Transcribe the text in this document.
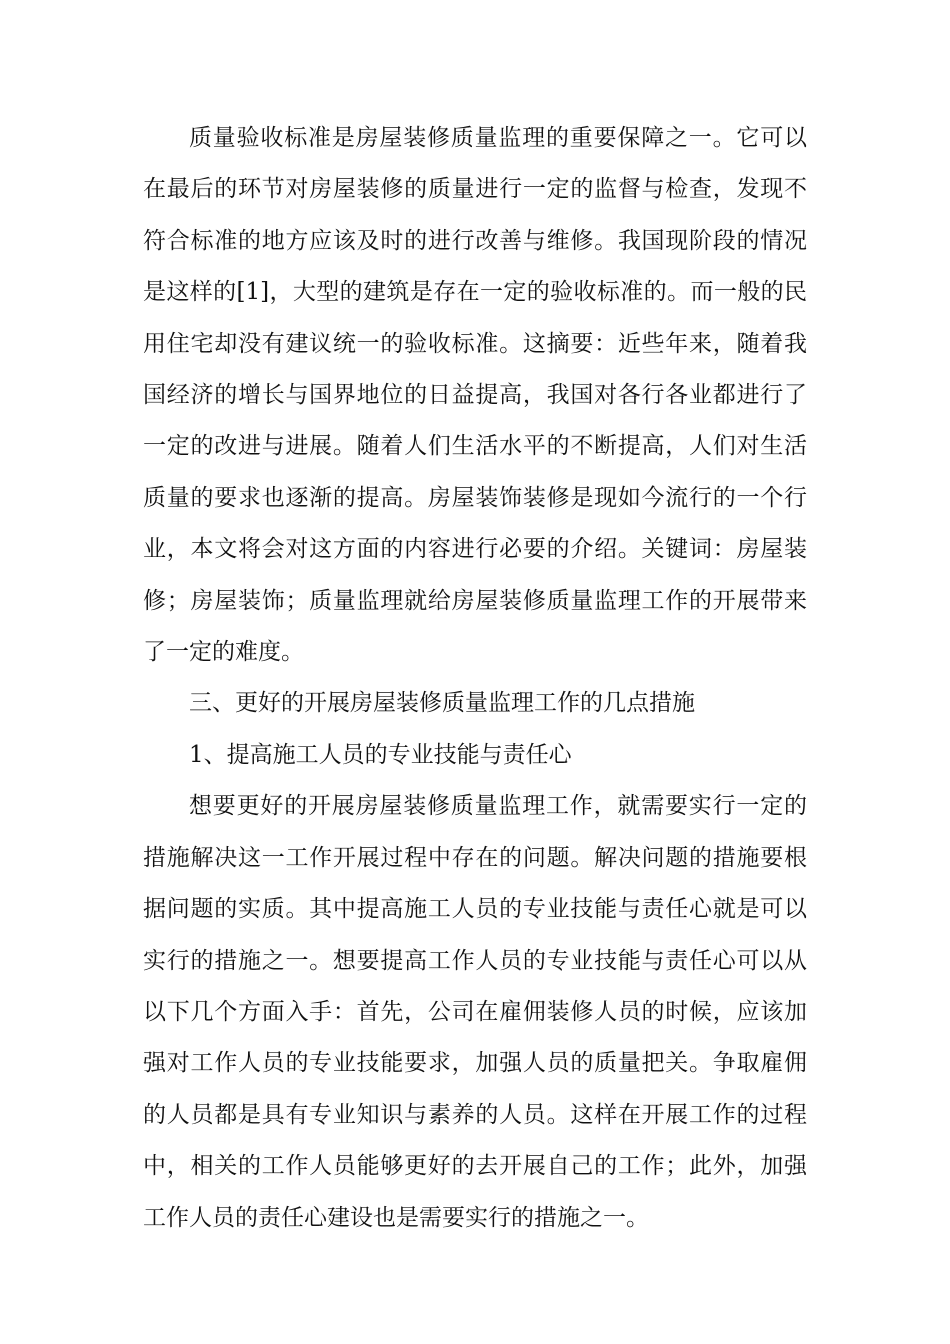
质量验收标准是房屋装修质量监理的重要保障之一。它可以在最后的环节对房屋装修的质量进行一定的监督与检查，发现不符合标准的地方应该及时的进行改善与维修。我国现阶段的情况是这样的[1]，大型的建筑是存在一定的验收标准的。而一般的民用住宅却没有建议统一的验收标准。这摘要：近些年来，随着我国经济的增长与国界地位的日益提高，我国对各行各业都进行了一定的改进与进展。随着人们生活水平的不断提高，人们对生活质量的要求也逐渐的提高。房屋装饰装修是现如今流行的一个行业，本文将会对这方面的内容进行必要的介绍。关键词：房屋装修；房屋装饰；质量监理就给房屋装修质量监理工作的开展带来了一定的难度。

三、更好的开展房屋装修质量监理工作的几点措施

1、提高施工人员的专业技能与责任心

想要更好的开展房屋装修质量监理工作，就需要实行一定的措施解决这一工作开展过程中存在的问题。解决问题的措施要根据问题的实质。其中提高施工人员的专业技能与责任心就是可以实行的措施之一。想要提高工作人员的专业技能与责任心可以从以下几个方面入手：首先，公司在雇佣装修人员的时候，应该加强对工作人员的专业技能要求，加强人员的质量把关。争取雇佣的人员都是具有专业知识与素养的人员。这样在开展工作的过程中，相关的工作人员能够更好的去开展自己的工作；此外，加强工作人员的责任心建设也是需要实行的措施之一。
